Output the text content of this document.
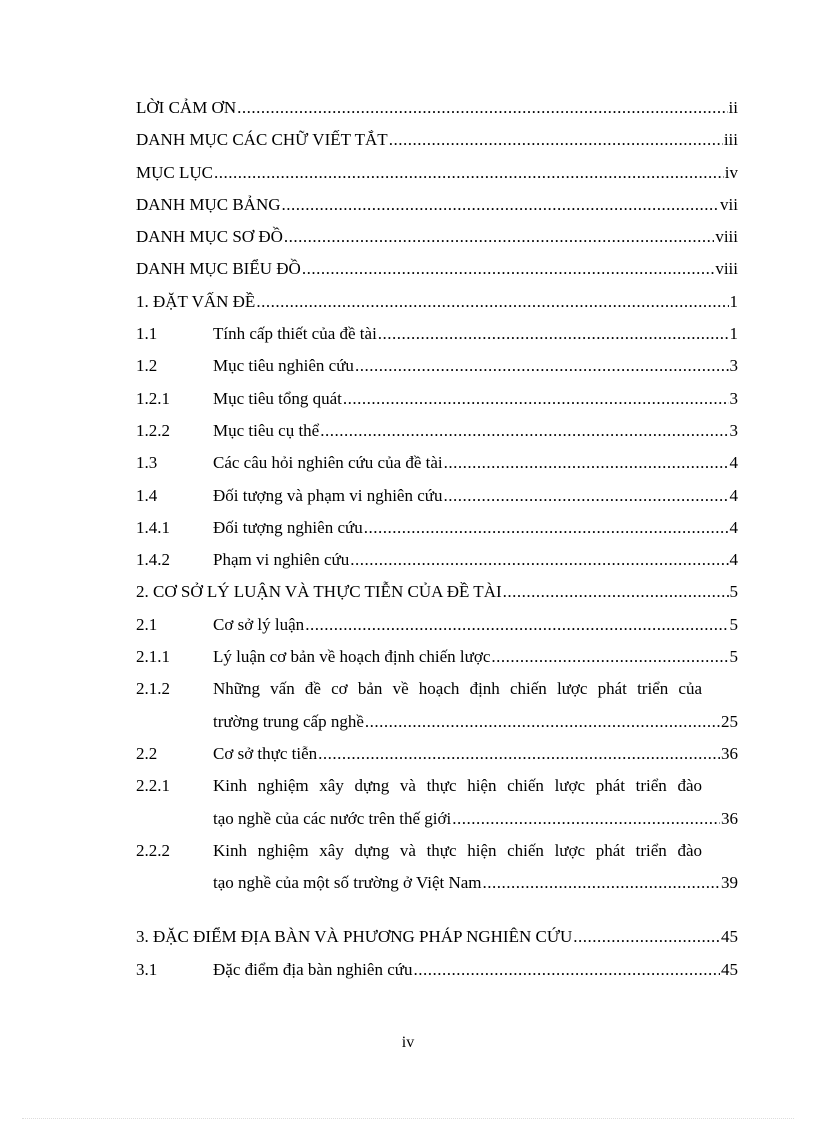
LỜI CẢM ƠN .....	ii
DANH MỤC CÁC CHỮ VIẾT TẮT .....	iii
MỤC LỤC .....	iv
DANH MỤC BẢNG .....	vii
DANH MỤC SƠ ĐỒ .....	viii
DANH MỤC BIỂU ĐỒ .....	viii
1. ĐẶT VẤN ĐỀ .....	1
1.1	Tính cấp thiết của đề tài .....	1
1.2	Mục tiêu nghiên cứu .....	3
1.2.1	Mục tiêu tổng quát .....	3
1.2.2	Mục tiêu cụ thể .....	3
1.3	Các câu hỏi nghiên cứu của đề tài .....	4
1.4	Đối tượng và phạm vi nghiên cứu .....	4
1.4.1	Đối tượng nghiên cứu .....	4
1.4.2	Phạm vi nghiên cứu .....	4
2. CƠ SỞ LÝ LUẬN VÀ THỰC TIỄN CỦA ĐỀ TÀI .....	5
2.1	Cơ sở lý luận .....	5
2.1.1	Lý luận cơ bản về hoạch định chiến lược .....	5
2.1.2	Những vấn đề cơ bản về hoạch định chiến lược phát triển của
trường trung cấp nghề .....	25
2.2	Cơ sở thực tiễn .....	36
2.2.1	Kinh nghiệm xây dựng và thực hiện chiến lược phát triển đào
tạo nghề của các nước trên thế giới .....	36
2.2.2	Kinh nghiệm xây dựng và thực hiện chiến lược phát triển đào
tạo nghề của một số trường ở Việt Nam .....	39
3. ĐẶC ĐIỂM ĐỊA BÀN VÀ PHƯƠNG PHÁP NGHIÊN CỨU .....	45
3.1	Đặc điểm địa bàn nghiên cứu .....	45
iv
